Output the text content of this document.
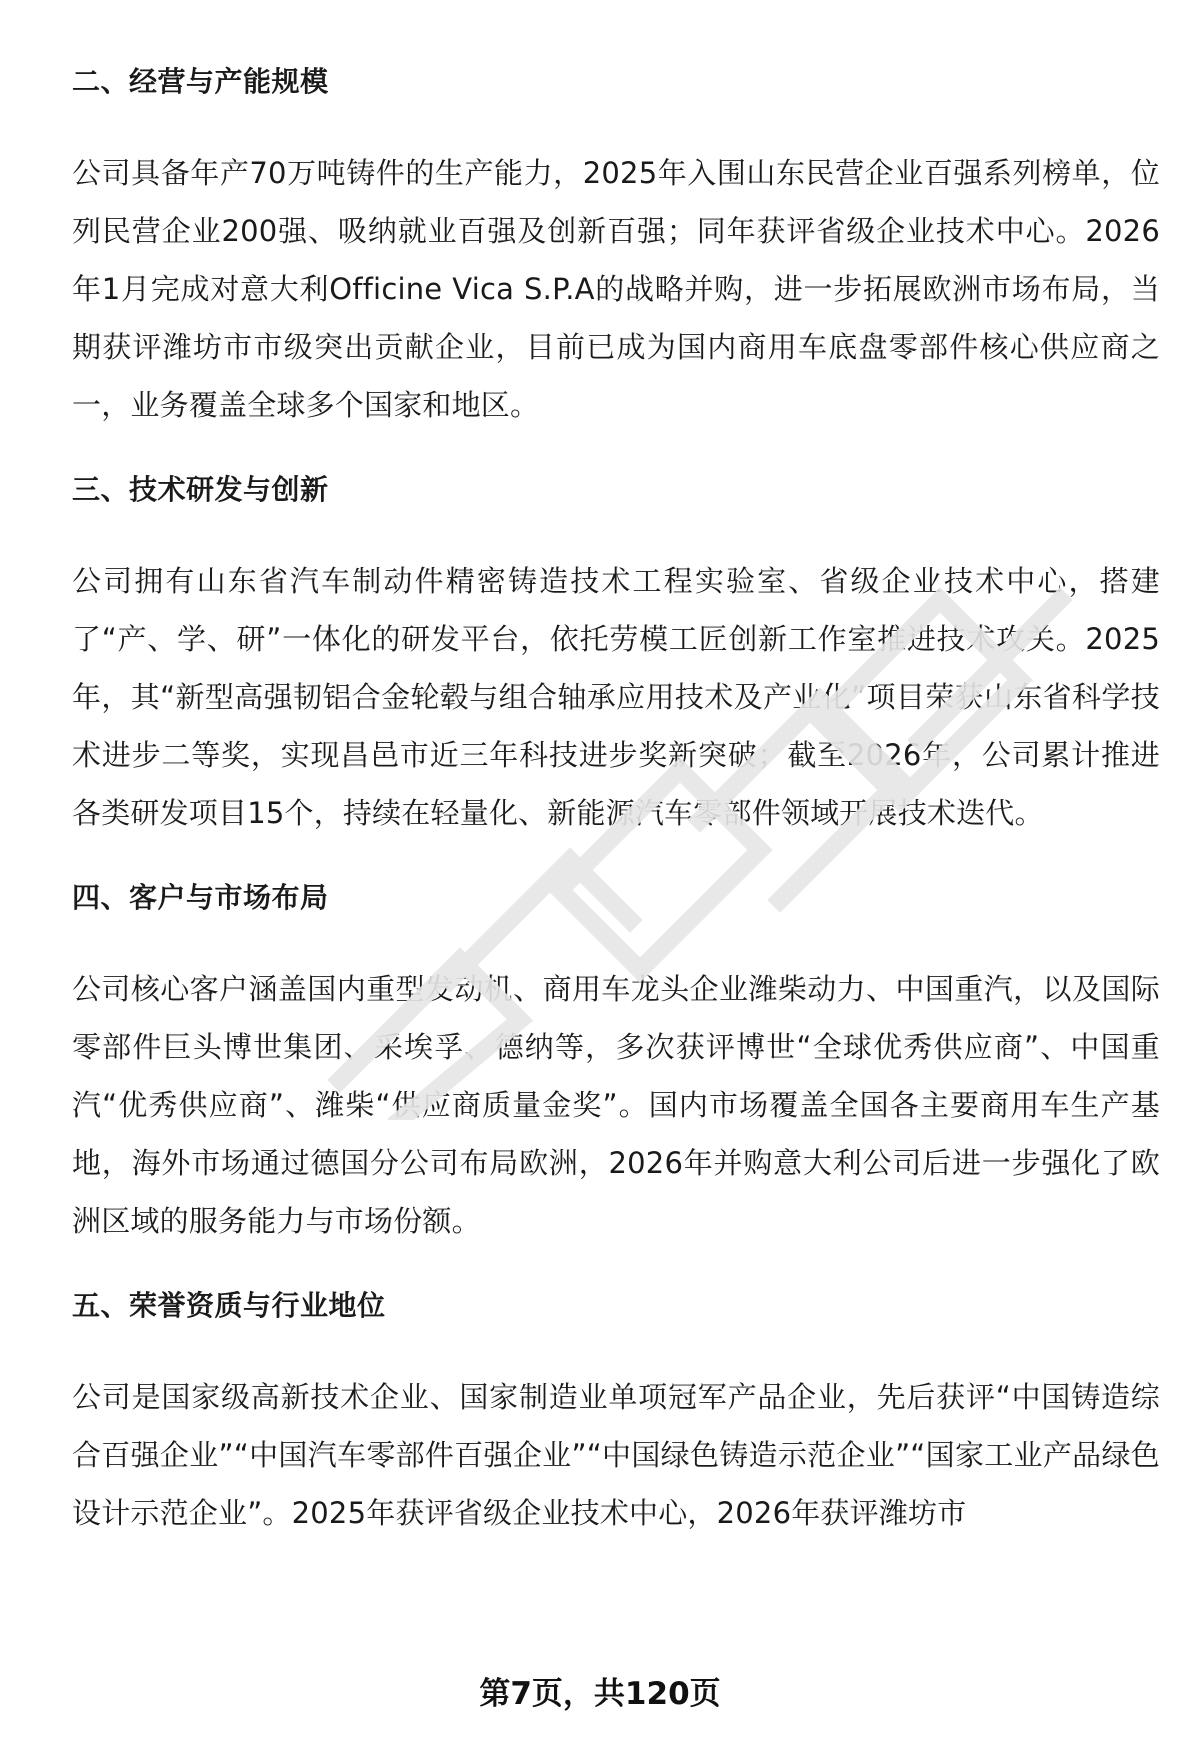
二、经营与产能规模

公司具备年产70万吨铸件的生产能力，2025年入围山东民营企业百强系列榜单，位列民营企业200强、吸纳就业百强及创新百强；同年获评省级企业技术中心。2026年1月完成对意大利Officine Vica S.P.A的战略并购，进一步拓展欧洲市场布局，当期获评潍坊市市级突出贡献企业，目前已成为国内商用车底盘零部件核心供应商之一，业务覆盖全球多个国家和地区。

三、技术研发与创新

公司拥有山东省汽车制动件精密铸造技术工程实验室、省级企业技术中心，搭建了“产、学、研”一体化的研发平台，依托劳模工匠创新工作室推进技术攻关。2025年，其“新型高强韧铝合金轮毂与组合轴承应用技术及产业化”项目荣获山东省科学技术进步二等奖，实现昌邑市近三年科技进步奖新突破；截至2026年，公司累计推进各类研发项目15个，持续在轻量化、新能源汽车零部件领域开展技术迭代。

四、客户与市场布局

公司核心客户涵盖国内重型发动机、商用车龙头企业潍柴动力、中国重汽，以及国际零部件巨头博世集团、采埃孚、德纳等，多次获评博世“全球优秀供应商”、中国重汽“优秀供应商”、潍柴“供应商质量金奖”。国内市场覆盖全国各主要商用车生产基地，海外市场通过德国分公司布局欧洲，2026年并购意大利公司后进一步强化了欧洲区域的服务能力与市场份额。

五、荣誉资质与行业地位

公司是国家级高新技术企业、国家制造业单项冠军产品企业，先后获评“中国铸造综合百强企业”“中国汽车零部件百强企业”“中国绿色铸造示范企业”“国家工业产品绿色设计示范企业”。2025年获评省级企业技术中心，2026年获评潍坊市

第7页，共120页
